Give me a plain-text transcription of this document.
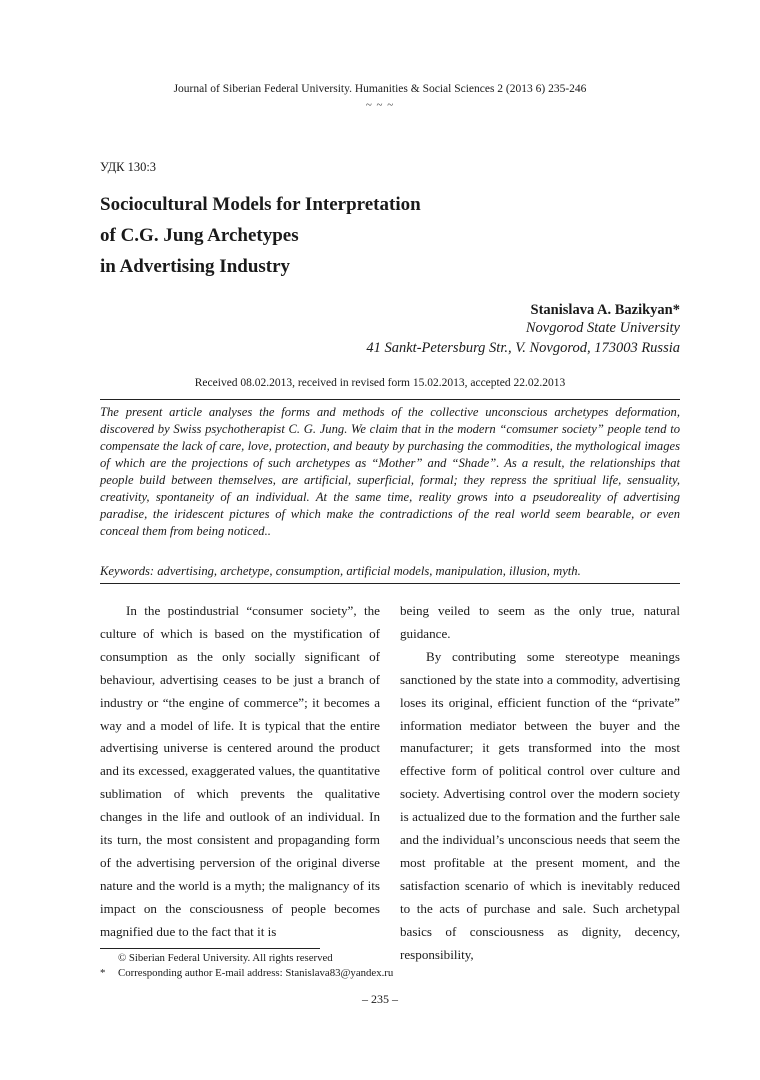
Journal of Siberian Federal University. Humanities & Social Sciences 2 (2013 6) 235-246
~ ~ ~
УДК 130:3
Sociocultural Models for Interpretation
of C.G. Jung Archetypes
in Advertising Industry
Stanislava A. Bazikyan*
Novgorod State University
41 Sankt-Petersburg Str., V. Novgorod, 173003 Russia
Received 08.02.2013, received in revised form 15.02.2013, accepted 22.02.2013

The present article analyses the forms and methods of the collective unconscious archetypes deformation, discovered by Swiss psychotherapist C. G. Jung. We claim that in the modern “comsumer society” people tend to compensate the lack of care, love, protection, and beauty by purchasing the commodities, the mythological images of which are the projections of such archetypes as “Mother” and “Shade”. As a result, the relationships that people build between themselves, are artificial, superficial, formal; they repress the spritiual life, sensuality, creativity, spontaneity of an individual. At the same time, reality grows into a pseudoreality of advertising paradise, the iridescent pictures of which make the contradictions of the real world seem bearable, or even conceal them from being noticed..

Keywords: advertising, archetype, consumption, artificial models, manipulation, illusion, myth.

In the postindustrial “consumer society”, the culture of which is based on the mystification of consumption as the only socially significant of behaviour, advertising ceases to be just a branch of industry or “the engine of commerce”; it becomes a way and a model of life. It is typical that the entire advertising universe is centered around the product and its excessed, exaggerated values, the quantitative sublimation of which prevents the qualitative changes in the life and outlook of an individual. In its turn, the most consistent and propaganding form of the advertising perversion of the original diverse nature and the world is a myth; the malignancy of its impact on the consciousness of people becomes magnified due to the fact that it is

being veiled to seem as the only true, natural guidance.

By contributing some stereotype meanings sanctioned by the state into a commodity, advertising loses its original, efficient function of the “private” information mediator between the buyer and the manufacturer; it gets transformed into the most effective form of political control over culture and society. Advertising control over the modern society is actualized due to the formation and the further sale and the individual’s unconscious needs that seem the most profitable at the present moment, and the satisfaction scenario of which is inevitably reduced to the acts of purchase and sale. Such archetypal basics of consciousness as dignity, decency, responsibility,

© Siberian Federal University. All rights reserved
* Corresponding author E-mail address: Stanislava83@yandex.ru
– 235 –
